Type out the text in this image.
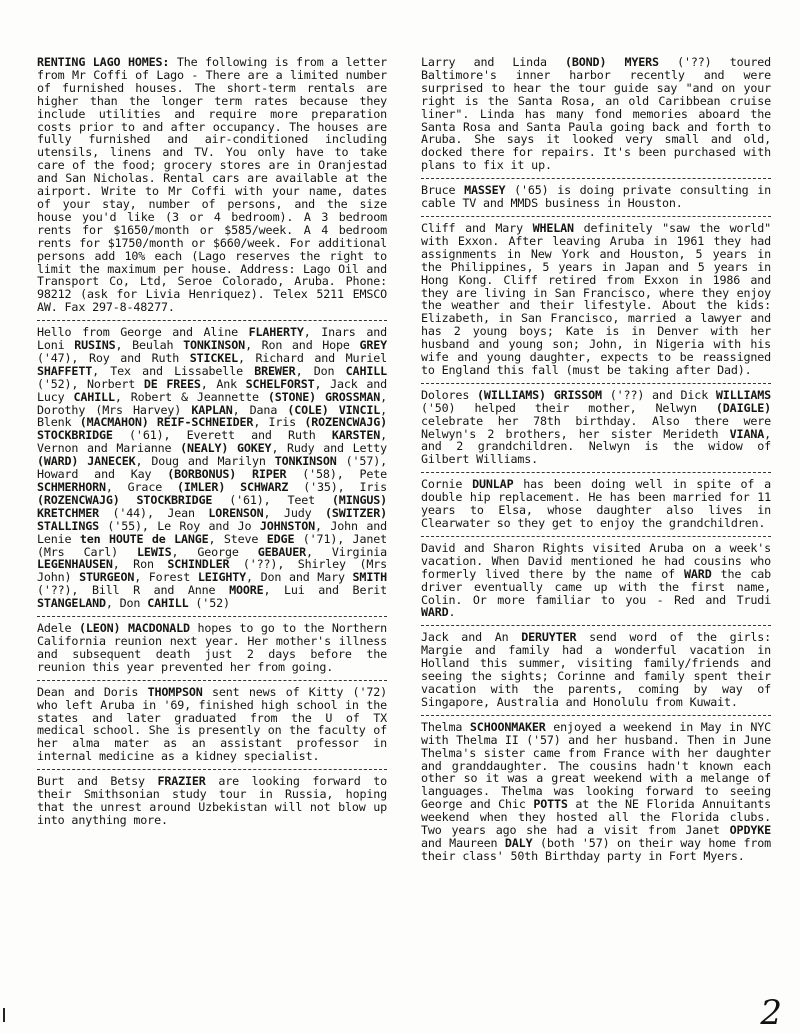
RENTING LAGO HOMES: The following is from a letter from Mr Coffi of Lago - There are a limited number of furnished houses. The short-term rentals are higher than the longer term rates because they include utilities and require more preparation costs prior to and after occupancy. The houses are fully furnished and air-conditioned including utensils, linens and TV. You only have to take care of the food; grocery stores are in Oranjestad and San Nicholas. Rental cars are available at the airport. Write to Mr Coffi with your name, dates of your stay, number of persons, and the size house you'd like (3 or 4 bedroom). A 3 bedroom rents for $1650/month or $585/week. A 4 bedroom rents for $1750/month or $660/week. For additional persons add 10% each (Lago reserves the right to limit the maximum per house. Address: Lago Oil and Transport Co, Ltd, Seroe Colorado, Aruba. Phone: 98212 (ask for Livia Henriquez). Telex 5211 EMSCO AW. Fax 297-8-48277.

Hello from George and Aline FLAHERTY, Inars and Loni RUSINS, Beulah TONKINSON, Ron and Hope GREY ('47), Roy and Ruth STICKEL, Richard and Muriel SHAFFETT, Tex and Lissabelle BREWER, Don CAHILL ('52), Norbert DE FREES, Ank SCHELFORST, Jack and Lucy CAHILL, Robert & Jeannette (STONE) GROSSMAN, Dorothy (Mrs Harvey) KAPLAN, Dana (COLE) VINCIL, Blenk (MACMAHON) REIF-SCHNEIDER, Iris (ROZENCWAJG) STOCKBRIDGE ('61), Everett and Ruth KARSTEN, Vernon and Marianne (NEALY) GOKEY, Rudy and Letty (WARD) JANECEK, Doug and Marilyn TONKINSON ('57), Howard and Kay (BORBONUS) RIPER ('58), Pete SCHMERHORN, Grace (IMLER) SCHWARZ ('35), Iris (ROZENCWAJG) STOCKBRIDGE ('61), Teet (MINGUS) KRETCHMER ('44), Jean LORENSON, Judy (SWITZER) STALLINGS ('55), Le Roy and Jo JOHNSTON, John and Lenie ten HOUTE de LANGE, Steve EDGE ('71), Janet (Mrs Carl) LEWIS, George GEBAUER, Virginia LEGENHAUSEN, Ron SCHINDLER ('??), Shirley (Mrs John) STURGEON, Forest LEIGHTY, Don and Mary SMITH ('??), Bill R and Anne MOORE, Lui and Berit STANGELAND, Don CAHILL ('52)

Adele (LEON) MACDONALD hopes to go to the Northern California reunion next year. Her mother's illness and subsequent death just 2 days before the reunion this year prevented her from going.

Dean and Doris THOMPSON sent news of Kitty ('72) who left Aruba in '69, finished high school in the states and later graduated from the U of TX medical school. She is presently on the faculty of her alma mater as an assistant professor in internal medicine as a kidney specialist.

Burt and Betsy FRAZIER are looking forward to their Smithsonian study tour in Russia, hoping that the unrest around Uzbekistan will not blow up into anything more.

Larry and Linda (BOND) MYERS ('??) toured Baltimore's inner harbor recently and were surprised to hear the tour guide say "and on your right is the Santa Rosa, an old Caribbean cruise liner". Linda has many fond memories aboard the Santa Rosa and Santa Paula going back and forth to Aruba. She says it looked very small and old, docked there for repairs. It's been purchased with plans to fix it up.

Bruce MASSEY ('65) is doing private consulting in cable TV and MMDS business in Houston.

Cliff and Mary WHELAN definitely "saw the world" with Exxon. After leaving Aruba in 1961 they had assignments in New York and Houston, 5 years in the Philippines, 5 years in Japan and 5 years in Hong Kong. Cliff retired from Exxon in 1986 and they are living in San Francisco, where they enjoy the weather and their lifestyle. About the kids: Elizabeth, in San Francisco, married a lawyer and has 2 young boys; Kate is in Denver with her husband and young son; John, in Nigeria with his wife and young daughter, expects to be reassigned to England this fall (must be taking after Dad).

Dolores (WILLIAMS) GRISSOM ('??) and Dick WILLIAMS ('50) helped their mother, Nelwyn (DAIGLE) celebrate her 78th birthday. Also there were Nelwyn's 2 brothers, her sister Merideth VIANA, and 2 grandchildren. Nelwyn is the widow of Gilbert Williams.

Cornie DUNLAP has been doing well in spite of a double hip replacement. He has been married for 11 years to Elsa, whose daughter also lives in Clearwater so they get to enjoy the grandchildren.

David and Sharon Rights visited Aruba on a week's vacation. When David mentioned he had cousins who formerly lived there by the name of WARD the cab driver eventually came up with the first name, Colin. Or more familiar to you - Red and Trudi WARD.

Jack and An DERUYTER send word of the girls: Margie and family had a wonderful vacation in Holland this summer, visiting family/friends and seeing the sights; Corinne and family spent their vacation with the parents, coming by way of Singapore, Australia and Honolulu from Kuwait.

Thelma SCHOONMAKER enjoyed a weekend in May in NYC with Thelma II ('57) and her husband. Then in June Thelma's sister came from France with her daughter and granddaughter. The cousins hadn't known each other so it was a great weekend with a melange of languages. Thelma was looking forward to seeing George and Chic POTTS at the NE Florida Annuitants weekend when they hosted all the Florida clubs. Two years ago she had a visit from Janet OPDYKE and Maureen DALY (both '57) on their way home from their class' 50th Birthday party in Fort Myers.

2
